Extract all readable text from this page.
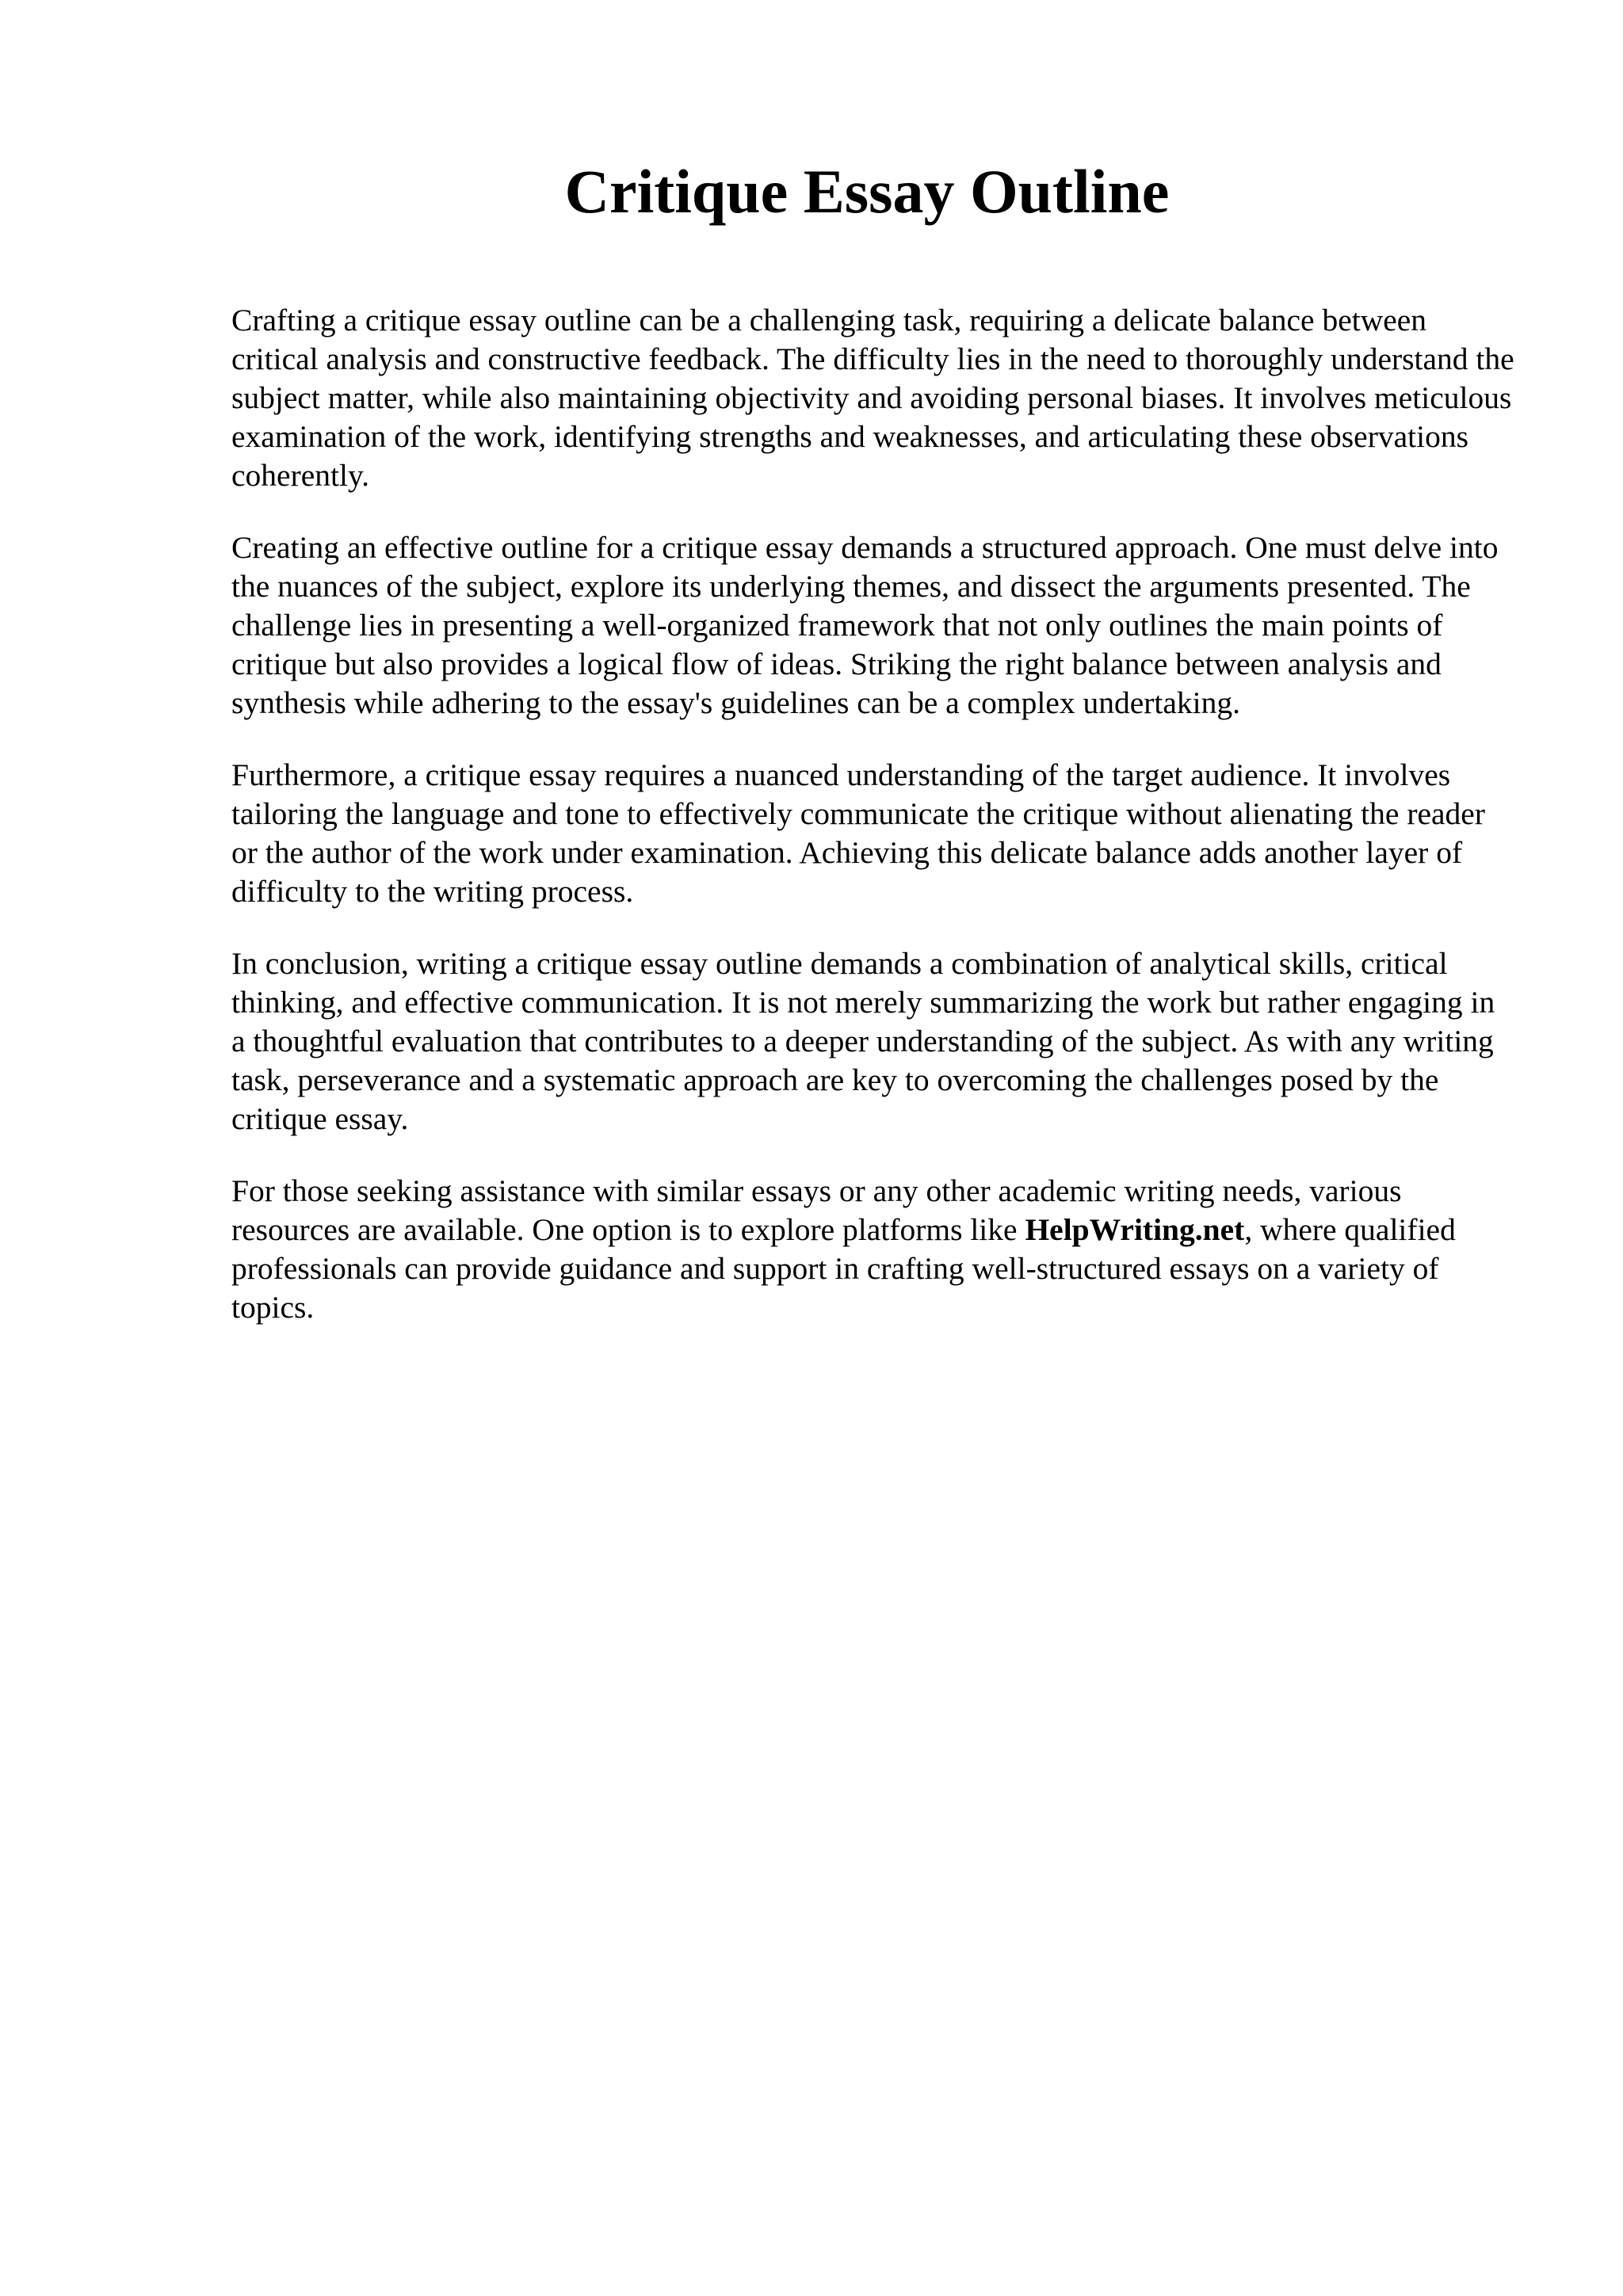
Critique Essay Outline

Crafting a critique essay outline can be a challenging task, requiring a delicate balance between critical analysis and constructive feedback. The difficulty lies in the need to thoroughly understand the subject matter, while also maintaining objectivity and avoiding personal biases. It involves meticulous examination of the work, identifying strengths and weaknesses, and articulating these observations coherently.

Creating an effective outline for a critique essay demands a structured approach. One must delve into the nuances of the subject, explore its underlying themes, and dissect the arguments presented. The challenge lies in presenting a well-organized framework that not only outlines the main points of critique but also provides a logical flow of ideas. Striking the right balance between analysis and synthesis while adhering to the essay's guidelines can be a complex undertaking.

Furthermore, a critique essay requires a nuanced understanding of the target audience. It involves tailoring the language and tone to effectively communicate the critique without alienating the reader or the author of the work under examination. Achieving this delicate balance adds another layer of difficulty to the writing process.

In conclusion, writing a critique essay outline demands a combination of analytical skills, critical thinking, and effective communication. It is not merely summarizing the work but rather engaging in a thoughtful evaluation that contributes to a deeper understanding of the subject. As with any writing task, perseverance and a systematic approach are key to overcoming the challenges posed by the critique essay.

For those seeking assistance with similar essays or any other academic writing needs, various resources are available. One option is to explore platforms like HelpWriting.net, where qualified professionals can provide guidance and support in crafting well-structured essays on a variety of topics.
